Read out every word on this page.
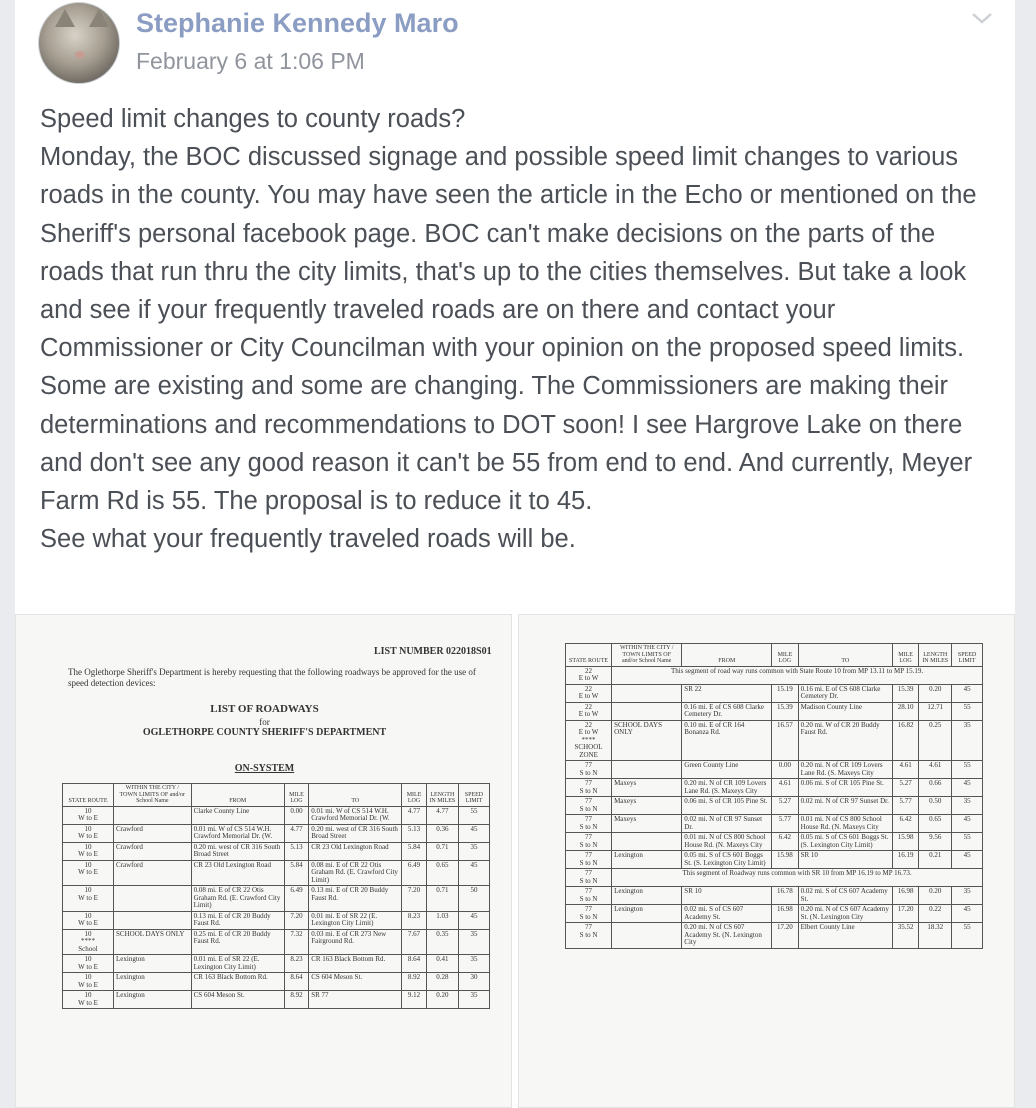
Stephanie Kennedy Maro
February 6 at 1:06 PM
Speed limit changes to county roads?
Monday, the BOC discussed signage and possible speed limit changes to various roads in the county. You may have seen the article in the Echo or mentioned on the Sheriff's personal facebook page. BOC can't make decisions on the parts of the roads that run thru the city limits, that's up to the cities themselves. But take a look and see if your frequently traveled roads are on there and contact your Commissioner or City Councilman with your opinion on the proposed speed limits. Some are existing and some are changing. The Commissioners are making their determinations and recommendations to DOT soon! I see Hargrove Lake on there and don't see any good reason it can't be 55 from end to end. And currently, Meyer Farm Rd is 55. The proposal is to reduce it to 45.
See what your frequently traveled roads will be.
LIST NUMBER 022018S01
The Oglethorpe Sheriff's Department is hereby requesting that the following roadways be approved for the use of speed detection devices:
LIST OF ROADWAYS
for
OGLETHORPE COUNTY SHERIFF'S DEPARTMENT
ON-SYSTEM
STATE ROUTE	WITHIN THE CITY / TOWN LIMITS OF and/or School Name	FROM	MILE LOG	TO	MILE LOG	LENGTH IN MILES	SPEED LIMIT
10
W to E		Clarke County Line	0.00	0.01 mi. W of CS 514 W.H. Crawford Memorial Dr. (W.	4.77	4.77	55
10
W to E	Crawford	0.01 mi. W of CS 514 W.H. Crawford Memorial Dr. (W.	4.77	0.20 mi. west of CR 316 South Broad Street	5.13	0.36	45
10
W to E	Crawford	0.20 mi. west of CR 316 South Broad Street	5.13	CR 23 Old Lexington Road	5.84	0.71	35
10
W to E	Crawford	CR 23 Old Lexington Road	5.84	0.08 mi. E of CR 22 Otis Graham Rd. (E. Crawford City Limit)	6.49	0.65	45
10
W to E		0.08 mi. E of CR 22 Otis Graham Rd. (E. Crawford City Limit)	6.49	0.13 mi. E of CR 20 Buddy Faust Rd.	7.20	0.71	50
10
W to E		0.13 mi. E of CR 20 Buddy Faust Rd.	7.20	0.01 mi. E of SR 22 (E. Lexington City Limit)	8.23	1.03	45
10
****
School	SCHOOL DAYS ONLY	0.25 mi. E of CR 20 Buddy Faust Rd.	7.32	0.03 mi. E of CR 273 New Fairground Rd.	7.67	0.35	35
10
W to E	Lexington	0.01 mi. E of SR 22 (E. Lexington City Limit)	8.23	CR 163 Black Bottom Rd.	8.64	0.41	35
10
W to E	Lexington	CR 163 Black Bottom Rd.	8.64	CS 604 Meson St.	8.92	0.28	30
10
W to E	Lexington	CS 604 Meson St.	8.92	SR 77	9.12	0.20	35
STATE ROUTE	WITHIN THE CITY / TOWN LIMITS OF and/or School Name	FROM	MILE LOG	TO	MILE LOG	LENGTH IN MILES	SPEED LIMIT
22
E to W	This segment of road way runs common with State Route 10 from MP 13.11 to MP 15.19.						
22
E to W		SR 22	15.19	0.16 mi. E of CS 608 Clarke Cemetery Dr.	15.39	0.20	45
22
E to W		0.16 mi. E of CS 608 Clarke Cemetery Dr.	15.39	Madison County Line	28.10	12.71	55
22
E to W
****
SCHOOL
ZONE	SCHOOL DAYS ONLY	0.10 mi. E of CR 164 Bonanza Rd.	16.57	0.20 mi. W of CR 20 Buddy Faust Rd.	16.82	0.25	35
77
S to N		Green County Line	0.00	0.20 mi. N of CR 109 Lovers Lane Rd. (S. Maxeys City	4.61	4.61	55
77
S to N	Maxeys	0.20 mi. N of CR 109 Lovers Lane Rd. (S. Maxeys City	4.61	0.06 mi. S of CR 105 Pine St.	5.27	0.66	45
77
S to N	Maxeys	0.06 mi. S of CR 105 Pine St.	5.27	0.02 mi. N of CR 97 Sunset Dr.	5.77	0.50	35
77
S to N	Maxeys	0.02 mi. N of CR 97 Sunset Dr.	5.77	0.01 mi. N of CS 800 School House Rd. (N. Maxeys City	6.42	0.65	45
77
S to N		0.01 mi. N of CS 800 School House Rd. (N. Maxeys City	6.42	0.05 mi. S of CS 601 Boggs St. (S. Lexington City Limit)	15.98	9.56	55
77
S to N	Lexington	0.05 mi. S of CS 601 Boggs St. (S. Lexington City Limit)	15.98	SR 10	16.19	0.21	45
77
S to N	This segment of Roadway runs common with SR 10 from MP 16.19 to MP 16.73.						
77
S to N	Lexington	SR 10	16.78	0.02 mi. S of CS 607 Academy St.	16.98	0.20	35
77
S to N	Lexington	0.02 mi. S of CS 607 Academy St.	16.98	0.20 mi. N of CS 607 Academy St. (N. Lexington City	17.20	0.22	45
77
S to N		0.20 mi. N of CS 607 Academy St. (N. Lexington City	17.20	Elbert County Line	35.52	18.32	55
